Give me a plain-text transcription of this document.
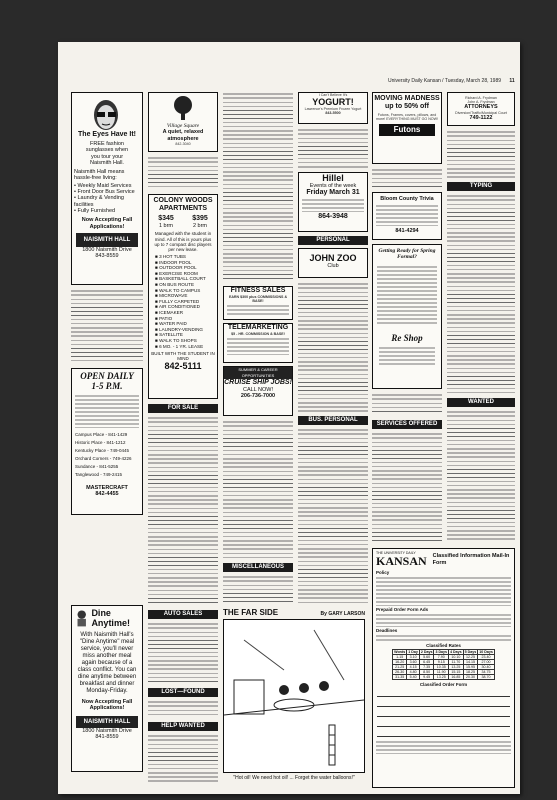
University Daily Kansan / Tuesday, March 28, 1989 11
The Eyes Have It!
FREE fashion
sunglasses when
you tour your
Naismith Hall.
Naismith Hall means hassle-free living:
• Weekly Maid Services
• Front Door Bus Service
• Laundry & Vending facilities
• Fully Furnished
Now Accepting Fall Applications!
NAISMITH HALL
1800 Naismith Drive
843-8559
OPEN DAILY
1-5 P.M.
Campus Place - 841-1429
Historic Place - 841-1212
Kentucky Place - 749-0445
Orchard Corners - 749-4226
Sundance - 841-5255
Tanglewood - 749-2415
MASTERCRAFT
842-4455
Dine Anytime!
With Naismith Hall's "Dine Anytime" meal service, you'll never miss another meal again because of a class conflict. You can dine anytime between breakfast and dinner Monday-Friday.
Now Accepting Fall Applications!
NAISMITH HALL
1800 Naismith Drive
841-8559
Village Square
A quiet, relaxed atmosphere
842-3040
COLONY WOODS APARTMENTS
$345
1 brm
$395
2 brm
Managed with the student in mind. All of this is yours plus up to 7 compact disc players per new lease.
■ 3 HOT TUBS
■ INDOOR POOL
■ OUTDOOR POOL
■ EXERCISE ROOM
■ BASKETBALL COURT
■ ON BUS ROUTE
■ WALK TO CAMPUS
■ MICROWAVE
■ FULLY CARPETED
■ AIR CONDITIONED
■ ICEMAKER
■ PATIO
■ WATER PAID
■ LAUNDRY-VENDING
■ SATELLITE
■ WALK TO SHOPS
■ 6 MO. - 1 YR. LEASE
BUILT WITH THE STUDENT IN MIND
842-5111
FOR SALE
AUTO SALES
LOST—FOUND
HELP WANTED
FITNESS SALES
EARN $300 plus COMMISSIONS & BASE!
TELEMARKETING
$5 - HR. COMMISSION & BASE!
SUMMER & CAREER OPPORTUNITIES
CRUISE SHIP JOBS!
CALL NOW!
206-736-7000
MISCELLANEOUS
THE FAR SIDE	By GARY LARSON
"Hot oil! We need hot oil! ... Forget the water balloons!"
I Can't Believe It's
YOGURT!
Lawrence's Premium Frozen Yogurt
843-5500
Hillel
Events of the week
Friday March 31
864-3948
PERSONAL
JOHN ZOO
Club
BUS. PERSONAL
MOVING MADNESS
up to 50% off
Futons, Frames, covers, pillows, and more! EVERYTHING MUST GO NOW!
Futons
Bloom County Trivia
841-4294
Getting Ready for Spring Formal?
Re Shop
SERVICES OFFERED
Richard A. Frydman
John A. Frydman
ATTORNEYS
Diversion/Traffic/Municipal Court
749-1122
TYPING
WANTED
THE UNIVERSITY DAILY
KANSAN Classified Information Mail-In Form
Policy
Prepaid Order Form Ads
Deadlines
Classified Rates
Words	1 Day	2 Days	3 Days	4 Days	5 Days	10 Days
1-15	3.10	5.60	7.90	10.10	12.25	23.40
16-20	3.60	6.45	9.15	11.70	14.15	27.00
21-25	4.15	7.35	10.35	13.25	15.95	30.40
26-30	4.80	8.50	11.90	15.15	18.25	34.75
31-35	5.40	9.45	13.25	16.85	20.30	38.70
Classified Order Form
